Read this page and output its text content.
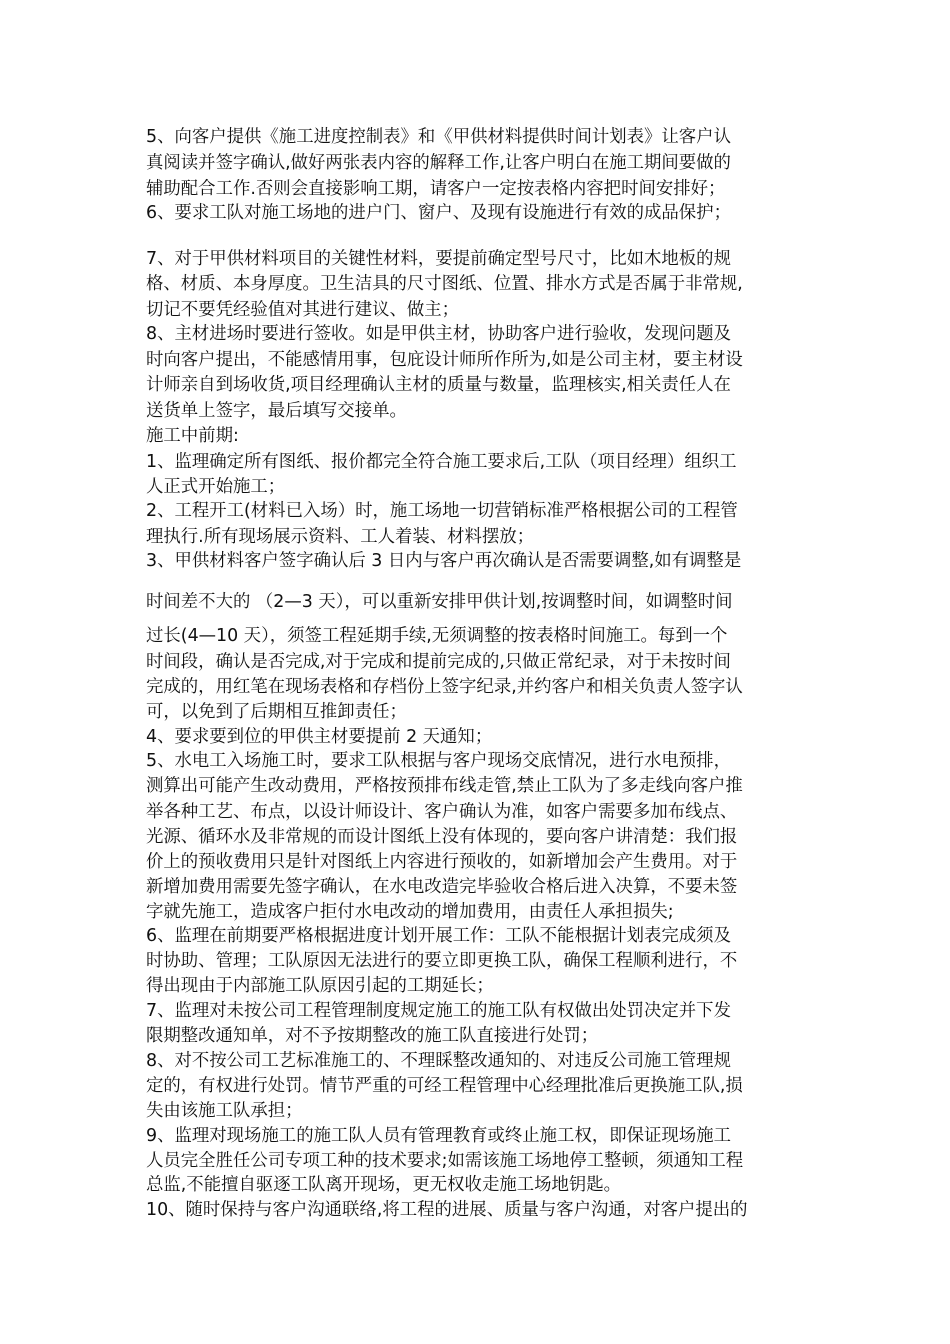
5、向客户提供《施工进度控制表》和《甲供材料提供时间计划表》让客户认
真阅读并签字确认,做好两张表内容的解释工作,让客户明白在施工期间要做的
辅助配合工作.否则会直接影响工期，请客户一定按表格内容把时间安排好；
6、要求工队对施工场地的进户门、窗户、及现有设施进行有效的成品保护；
7、对于甲供材料项目的关键性材料，要提前确定型号尺寸，比如木地板的规
格、材质、本身厚度。卫生洁具的尺寸图纸、位置、排水方式是否属于非常规,
切记不要凭经验值对其进行建议、做主；
8、主材进场时要进行签收。如是甲供主材，协助客户进行验收，发现问题及
时向客户提出，不能感情用事，包庇设计师所作所为,如是公司主材，要主材设
计师亲自到场收货,项目经理确认主材的质量与数量，监理核实,相关责任人在
送货单上签字，最后填写交接单。
施工中前期:
1、监理确定所有图纸、报价都完全符合施工要求后,工队（项目经理）组织工
人正式开始施工；
2、工程开工(材料已入场）时，施工场地一切营销标准严格根据公司的工程管
理执行.所有现场展示资料、工人着装、材料摆放；
3、甲供材料客户签字确认后 3 日内与客户再次确认是否需要调整,如有调整是
时间差不大的 （2—3 天），可以重新安排甲供计划,按调整时间，如调整时间
过长(4—10 天），须签工程延期手续,无须调整的按表格时间施工。每到一个
时间段，确认是否完成,对于完成和提前完成的,只做正常纪录，对于未按时间
完成的，用红笔在现场表格和存档份上签字纪录,并约客户和相关负责人签字认
可，以免到了后期相互推卸责任；
4、要求要到位的甲供主材要提前 2 天通知；
5、水电工入场施工时，要求工队根据与客户现场交底情况，进行水电预排，
测算出可能产生改动费用，严格按预排布线走管,禁止工队为了多走线向客户推
举各种工艺、布点，以设计师设计、客户确认为准，如客户需要多加布线点、
光源、循环水及非常规的而设计图纸上没有体现的，要向客户讲清楚：我们报
价上的预收费用只是针对图纸上内容进行预收的，如新增加会产生费用。对于
新增加费用需要先签字确认，在水电改造完毕验收合格后进入决算，不要未签
字就先施工，造成客户拒付水电改动的增加费用，由责任人承担损失;
6、监理在前期要严格根据进度计划开展工作：工队不能根据计划表完成须及
时协助、管理；工队原因无法进行的要立即更换工队，确保工程顺利进行，不
得出现由于内部施工队原因引起的工期延长；
7、监理对未按公司工程管理制度规定施工的施工队有权做出处罚决定并下发
限期整改通知单，对不予按期整改的施工队直接进行处罚；
8、对不按公司工艺标准施工的、不理睬整改通知的、对违反公司施工管理规
定的，有权进行处罚。情节严重的可经工程管理中心经理批准后更换施工队,损
失由该施工队承担；
9、监理对现场施工的施工队人员有管理教育或终止施工权，即保证现场施工
人员完全胜任公司专项工种的技术要求;如需该施工场地停工整顿，须通知工程
总监,不能擅自驱逐工队离开现场，更无权收走施工场地钥匙。
10、随时保持与客户沟通联络,将工程的进展、质量与客户沟通，对客户提出的
